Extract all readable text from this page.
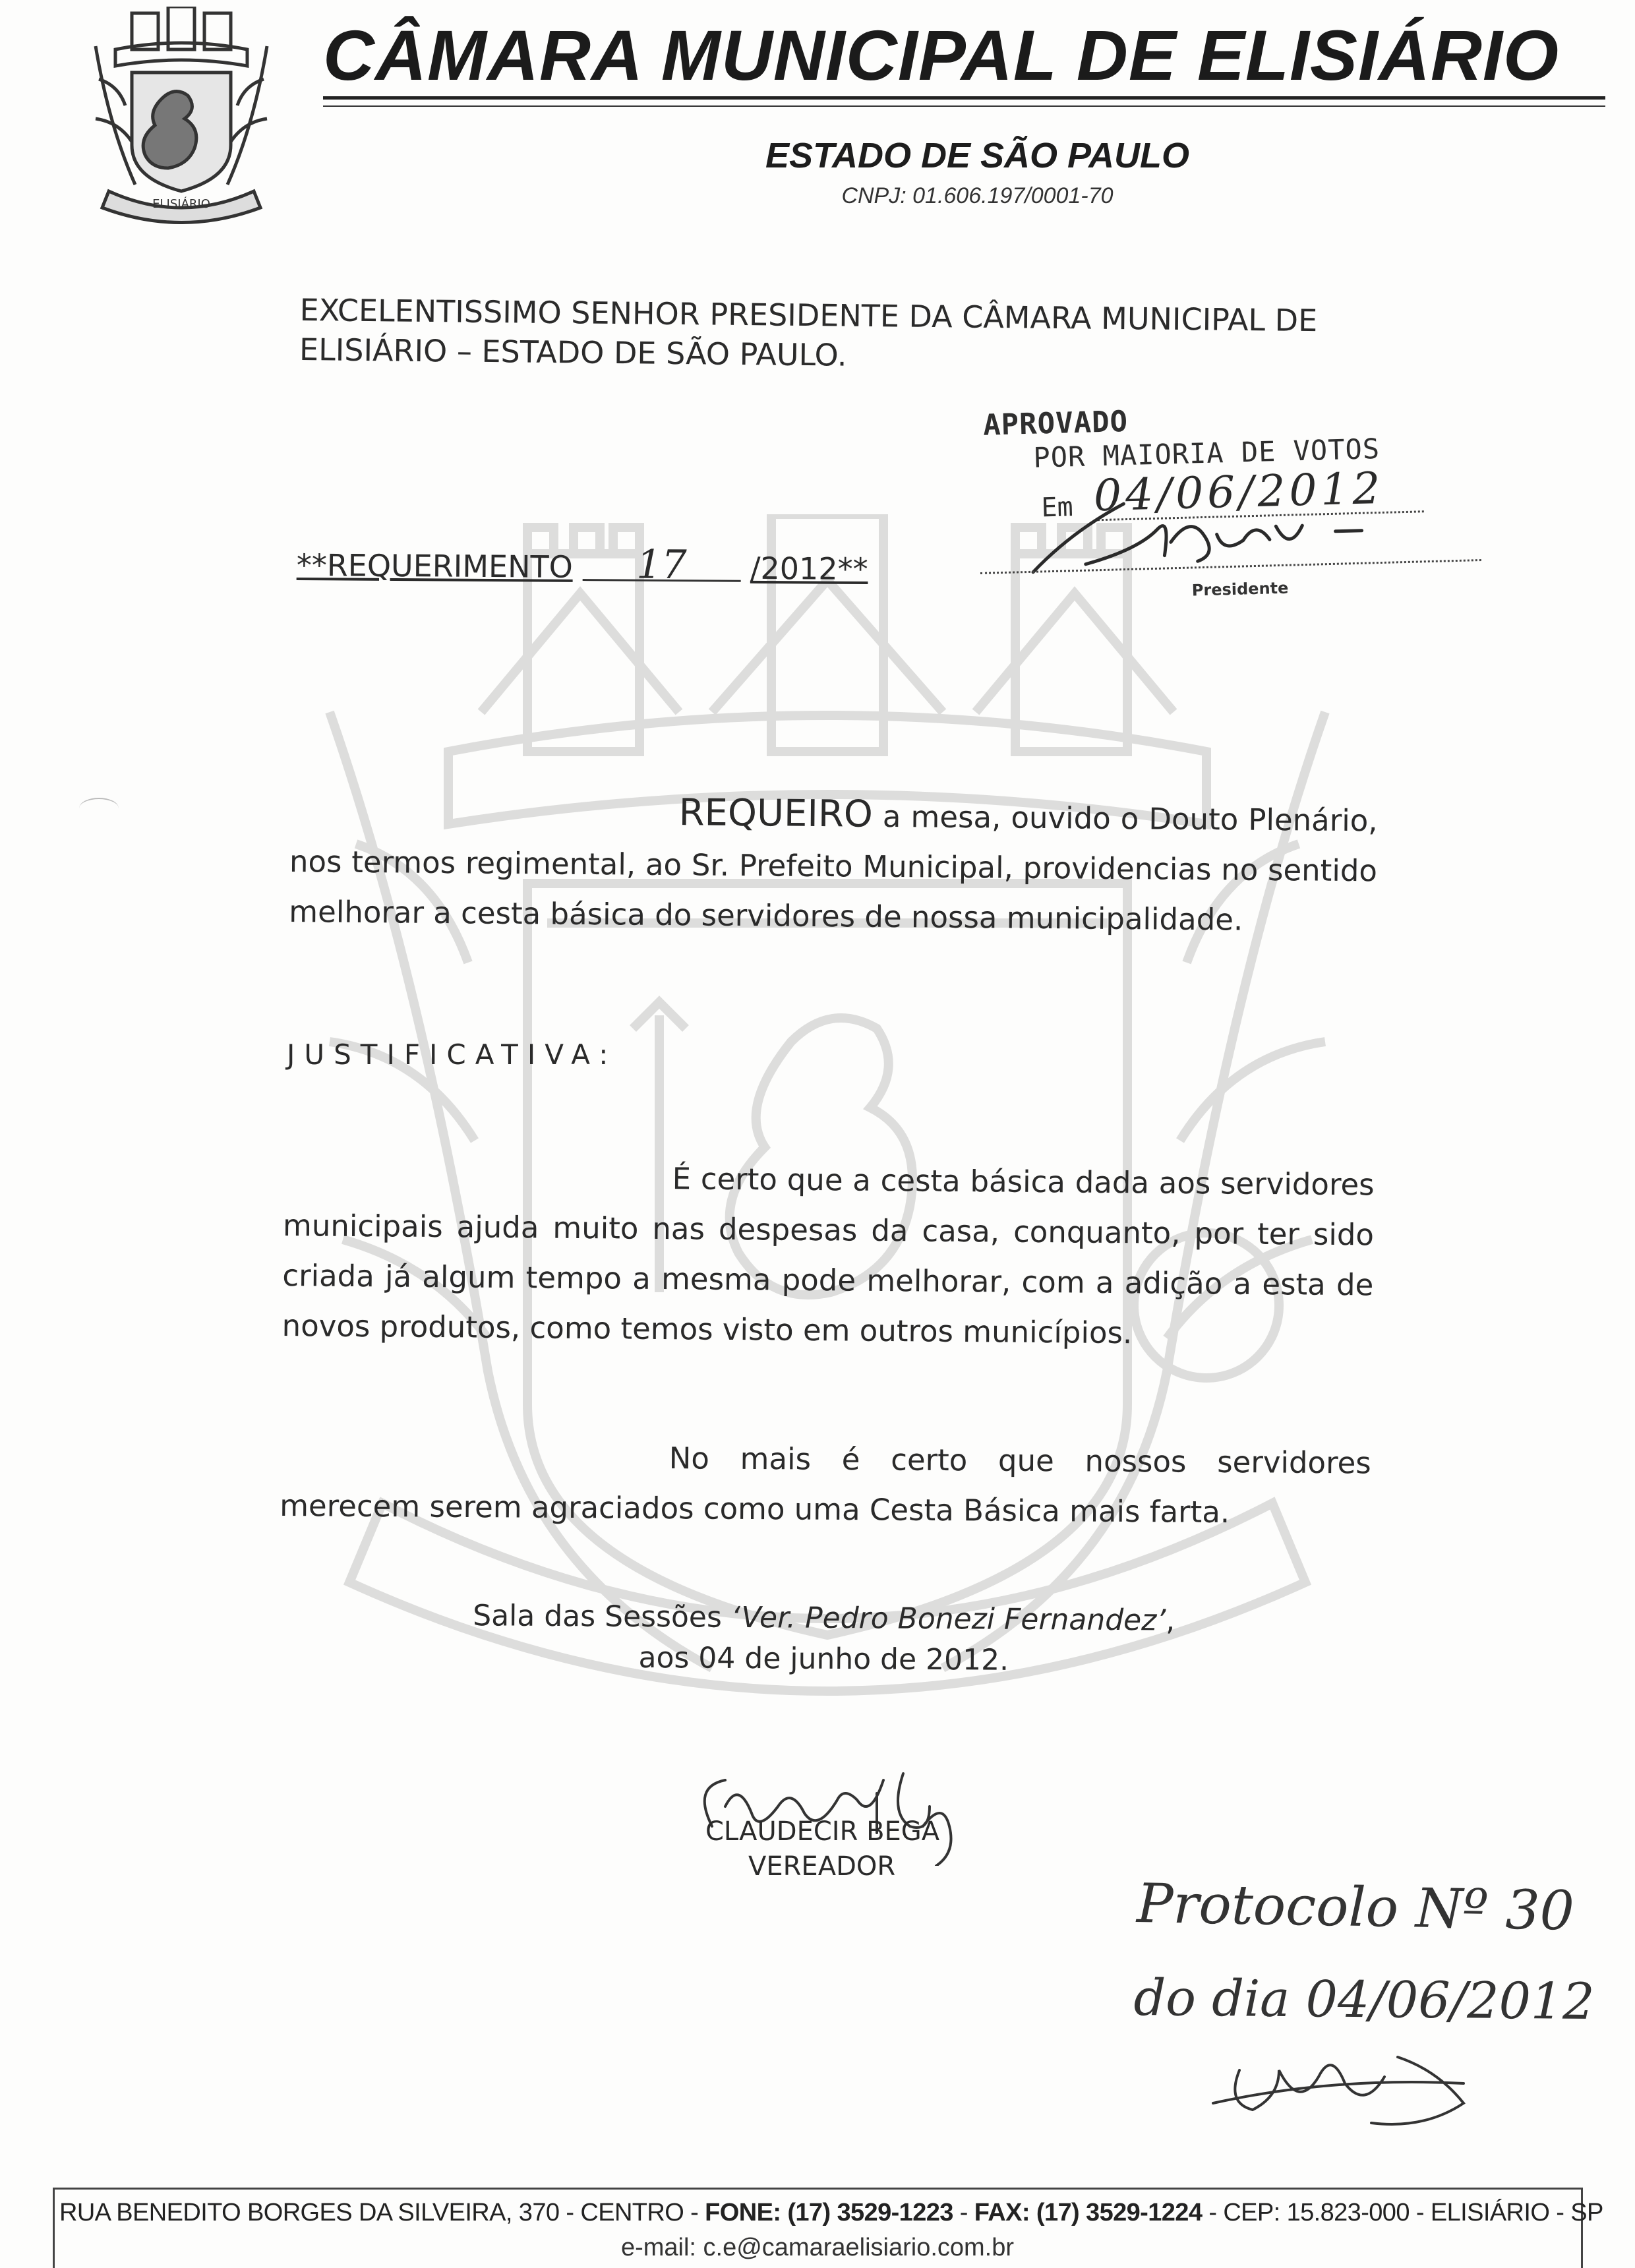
ELISIÁRIO
CÂMARA MUNICIPAL DE ELISIÁRIO
ESTADO DE SÃO PAULO
CNPJ: 01.606.197/0001-70
EXCELENTISSIMO SENHOR PRESIDENTE DA CÂMARA MUNICIPAL DE
ELISIÁRIO – ESTADO DE SÃO PAULO.
APROVADO
POR MAIORIA DE VOTOS
Em 04/06/2012
Presidente
**REQUERIMENTO 17 /2012**
REQUEIRO a mesa, ouvido o Douto Plenário, nos termos regimental, ao Sr. Prefeito Municipal, providencias no sentido melhorar a cesta básica do servidores de nossa municipalidade.
JUSTIFICATIVA:
É certo que a cesta básica dada aos servidores municipais ajuda muito nas despesas da casa, conquanto, por ter sido criada já algum tempo a mesma pode melhorar, com a adição a esta de novos produtos, como temos visto em outros municípios.
No mais é certo que nossos servidores merecem serem agraciados como uma Cesta Básica mais farta.
Sala das Sessões ‘Ver. Pedro Bonezi Fernandez’,
aos 04 de junho de 2012.
CLAUDECIR BEGA
VEREADOR
Protocolo Nº 30
do dia 04/06/2012
RUA BENEDITO BORGES DA SILVEIRA, 370 - CENTRO - FONE: (17) 3529-1223 - FAX: (17) 3529-1224 - CEP: 15.823-000 - ELISIÁRIO - SP
e-mail: c.e@camaraelisiario.com.br
